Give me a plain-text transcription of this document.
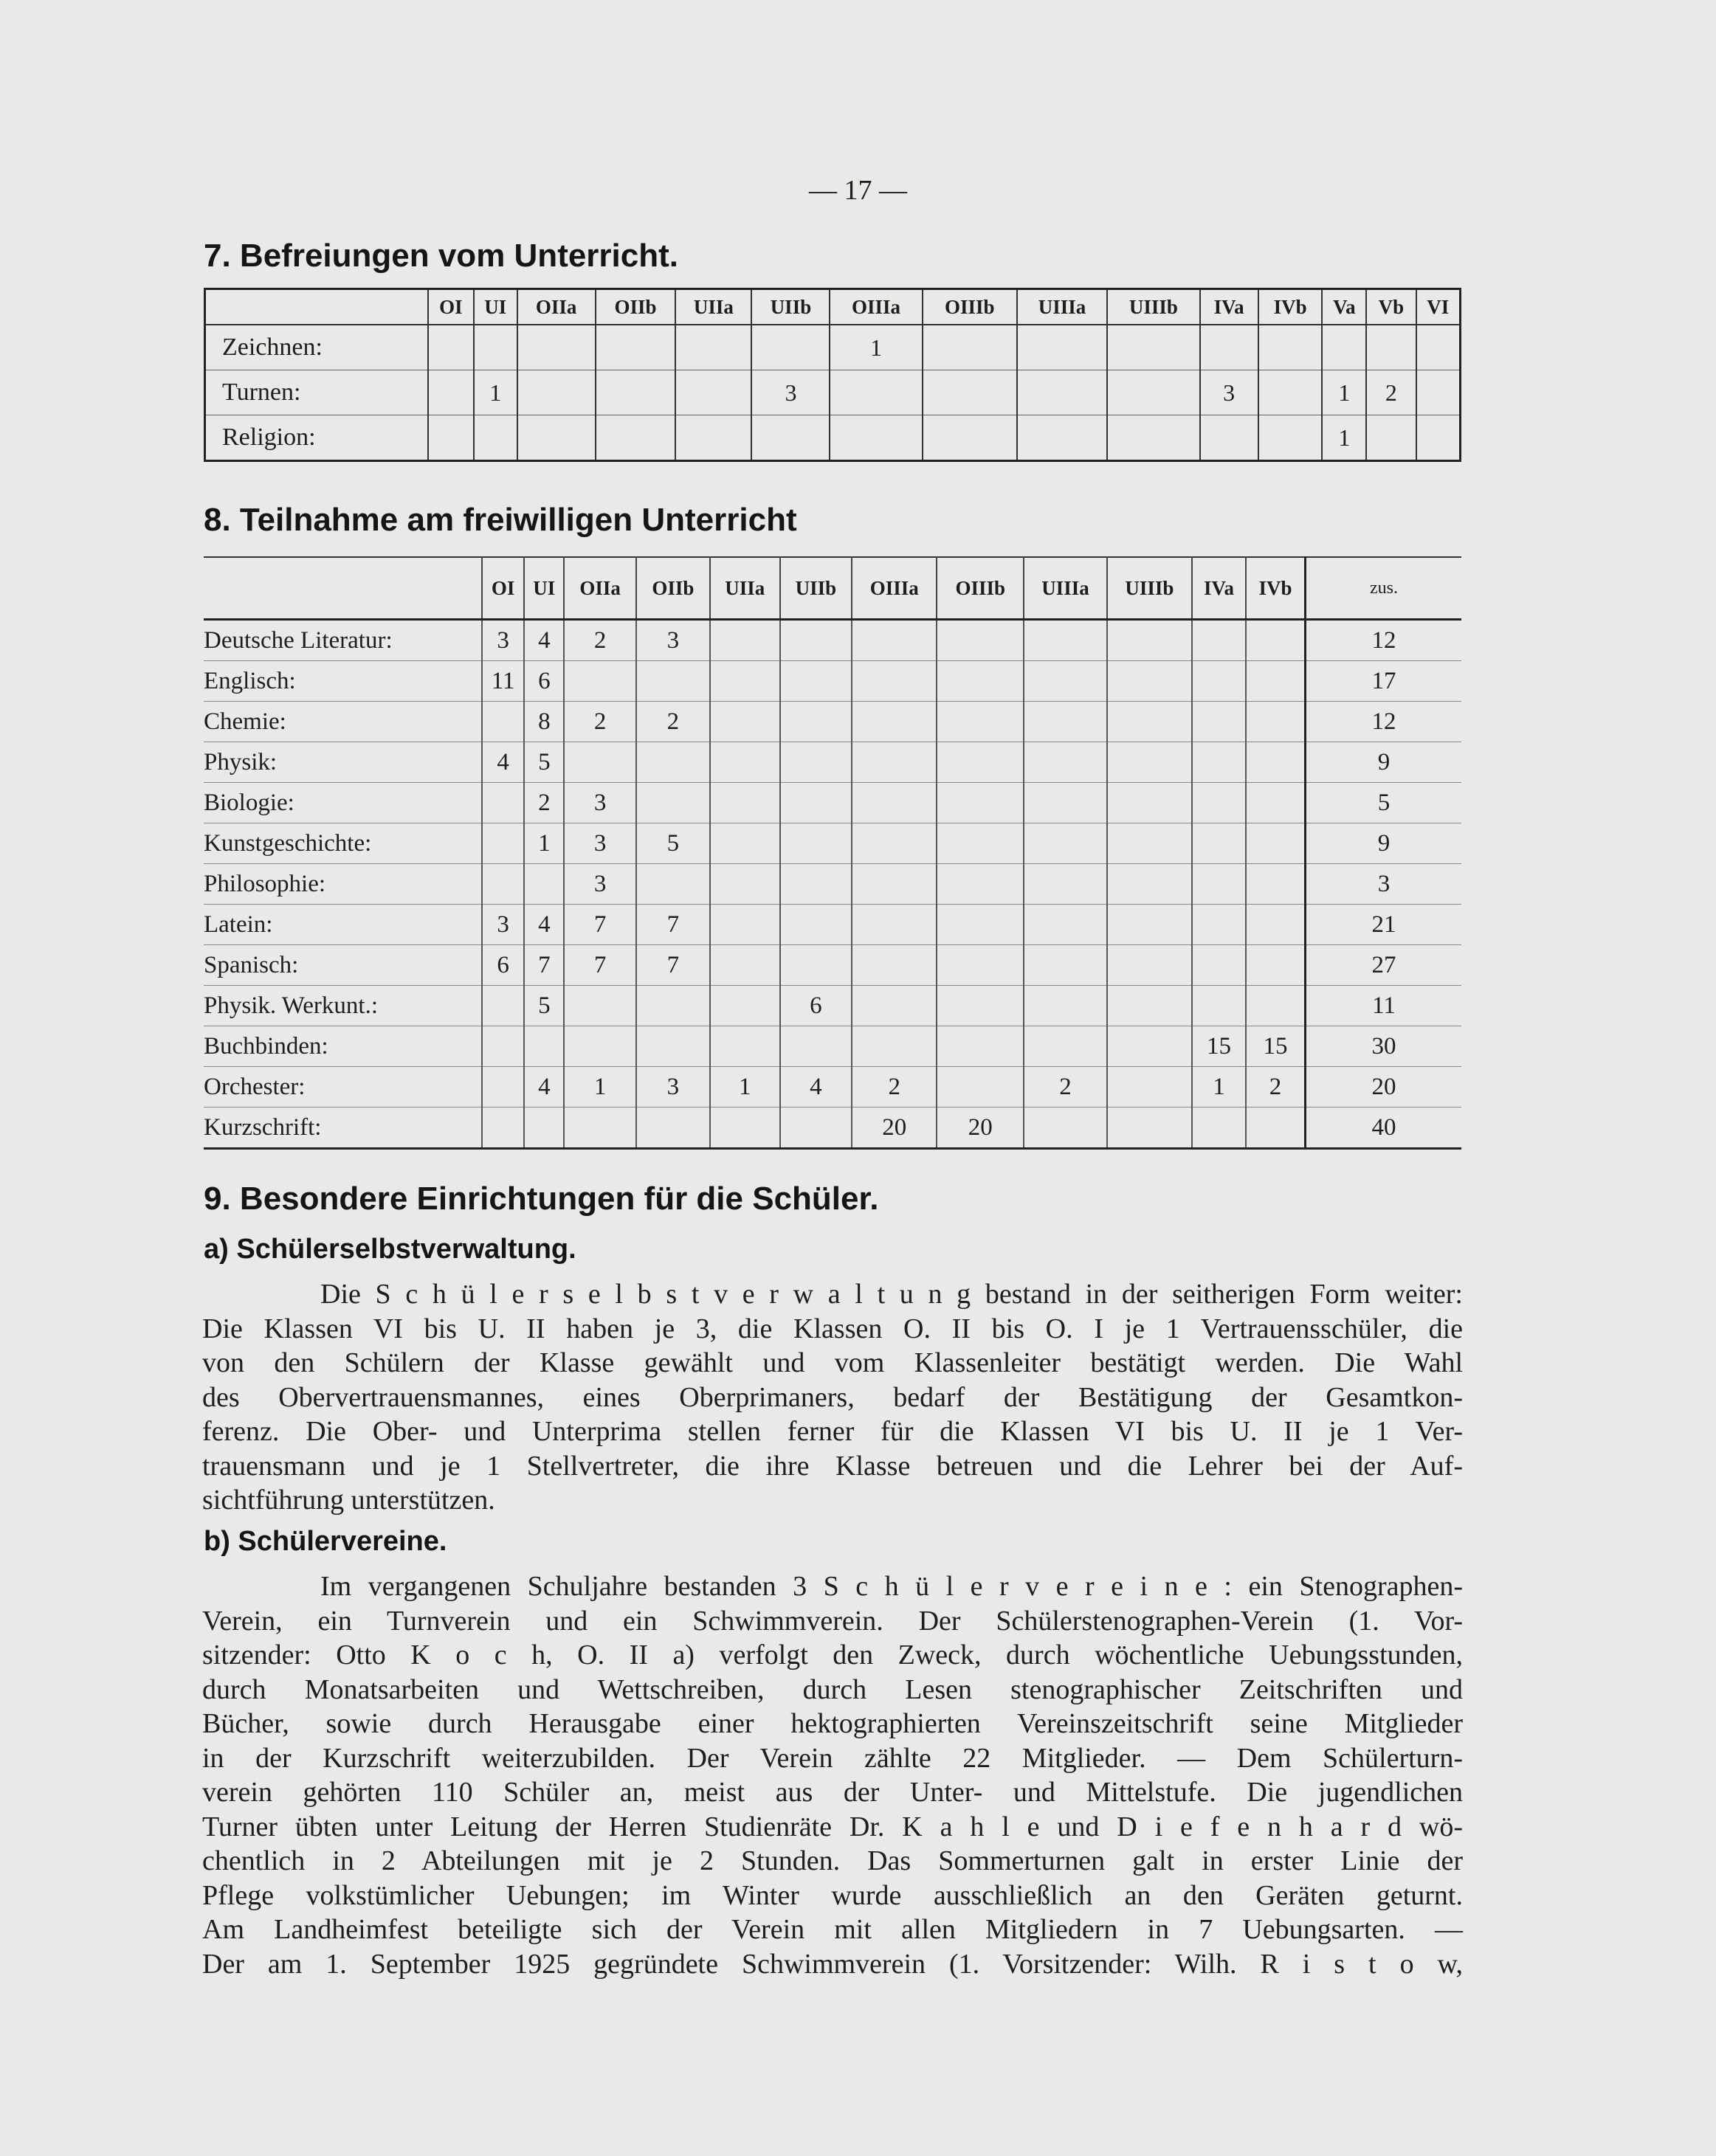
— 17 —
7. Befreiungen vom Unterricht.
	OI	UI	OIIa	OIIb	UIIa	UIIb	OIIIa	OIIIb	UIIIa	UIIIb	IVa	IVb	Va	Vb	VI
Zeichnen:							1								
Turnen:		1				3					3		1	2	
Religion:													1		
8. Teilnahme am freiwilligen Unterricht
	OI	UI	OIIa	OIIb	UIIa	UIIb	OIIIa	OIIIb	UIIIa	UIIIb	IVa	IVb	zus.
Deutsche Literatur:	3	4	2	3									12
Englisch:	11	6											17
Chemie:		8	2	2									12
Physik:	4	5											9
Biologie:		2	3										5
Kunstgeschichte:		1	3	5									9
Philosophie:			3										3
Latein:	3	4	7	7									21
Spanisch:	6	7	7	7									27
Physik. Werkunt.:		5				6							11
Buchbinden:											15	15	30
Orchester:		4	1	3	1	4	2		2		1	2	20
Kurzschrift:							20	20					40
9. Besondere Einrichtungen für die Schüler.
a) Schülerselbstverwaltung.
Die S c h ü l e r s e l b s t v e r w a l t u n g bestand in der seitherigen Form weiter:
Die Klassen VI bis U. II haben je 3, die Klassen O. II bis O. I je 1 Vertrauensschüler, die
von den Schülern der Klasse gewählt und vom Klassenleiter bestätigt werden. Die Wahl
des Obervertrauensmannes, eines Oberprimaners, bedarf der Bestätigung der Gesamtkon-
ferenz. Die Ober- und Unterprima stellen ferner für die Klassen VI bis U. II je 1 Ver-
trauensmann und je 1 Stellvertreter, die ihre Klasse betreuen und die Lehrer bei der Auf-
sichtführung unterstützen.
b) Schülervereine.
Im vergangenen Schuljahre bestanden 3 S c h ü l e r v e r e i n e : ein Stenographen-
Verein, ein Turnverein und ein Schwimmverein. Der Schülerstenographen-Verein (1. Vor-
sitzender: Otto K o c h, O. II a) verfolgt den Zweck, durch wöchentliche Uebungsstunden,
durch Monatsarbeiten und Wettschreiben, durch Lesen stenographischer Zeitschriften und
Bücher, sowie durch Herausgabe einer hektographierten Vereinszeitschrift seine Mitglieder
in der Kurzschrift weiterzubilden. Der Verein zählte 22 Mitglieder. — Dem Schülerturn-
verein gehörten 110 Schüler an, meist aus der Unter- und Mittelstufe. Die jugendlichen
Turner übten unter Leitung der Herren Studienräte Dr. K a h l e und D i e f e n h a r d wö-
chentlich in 2 Abteilungen mit je 2 Stunden. Das Sommerturnen galt in erster Linie der
Pflege volkstümlicher Uebungen; im Winter wurde ausschließlich an den Geräten geturnt.
Am Landheimfest beteiligte sich der Verein mit allen Mitgliedern in 7 Uebungsarten. —
Der am 1. September 1925 gegründete Schwimmverein (1. Vorsitzender: Wilh. R i s t o w,
